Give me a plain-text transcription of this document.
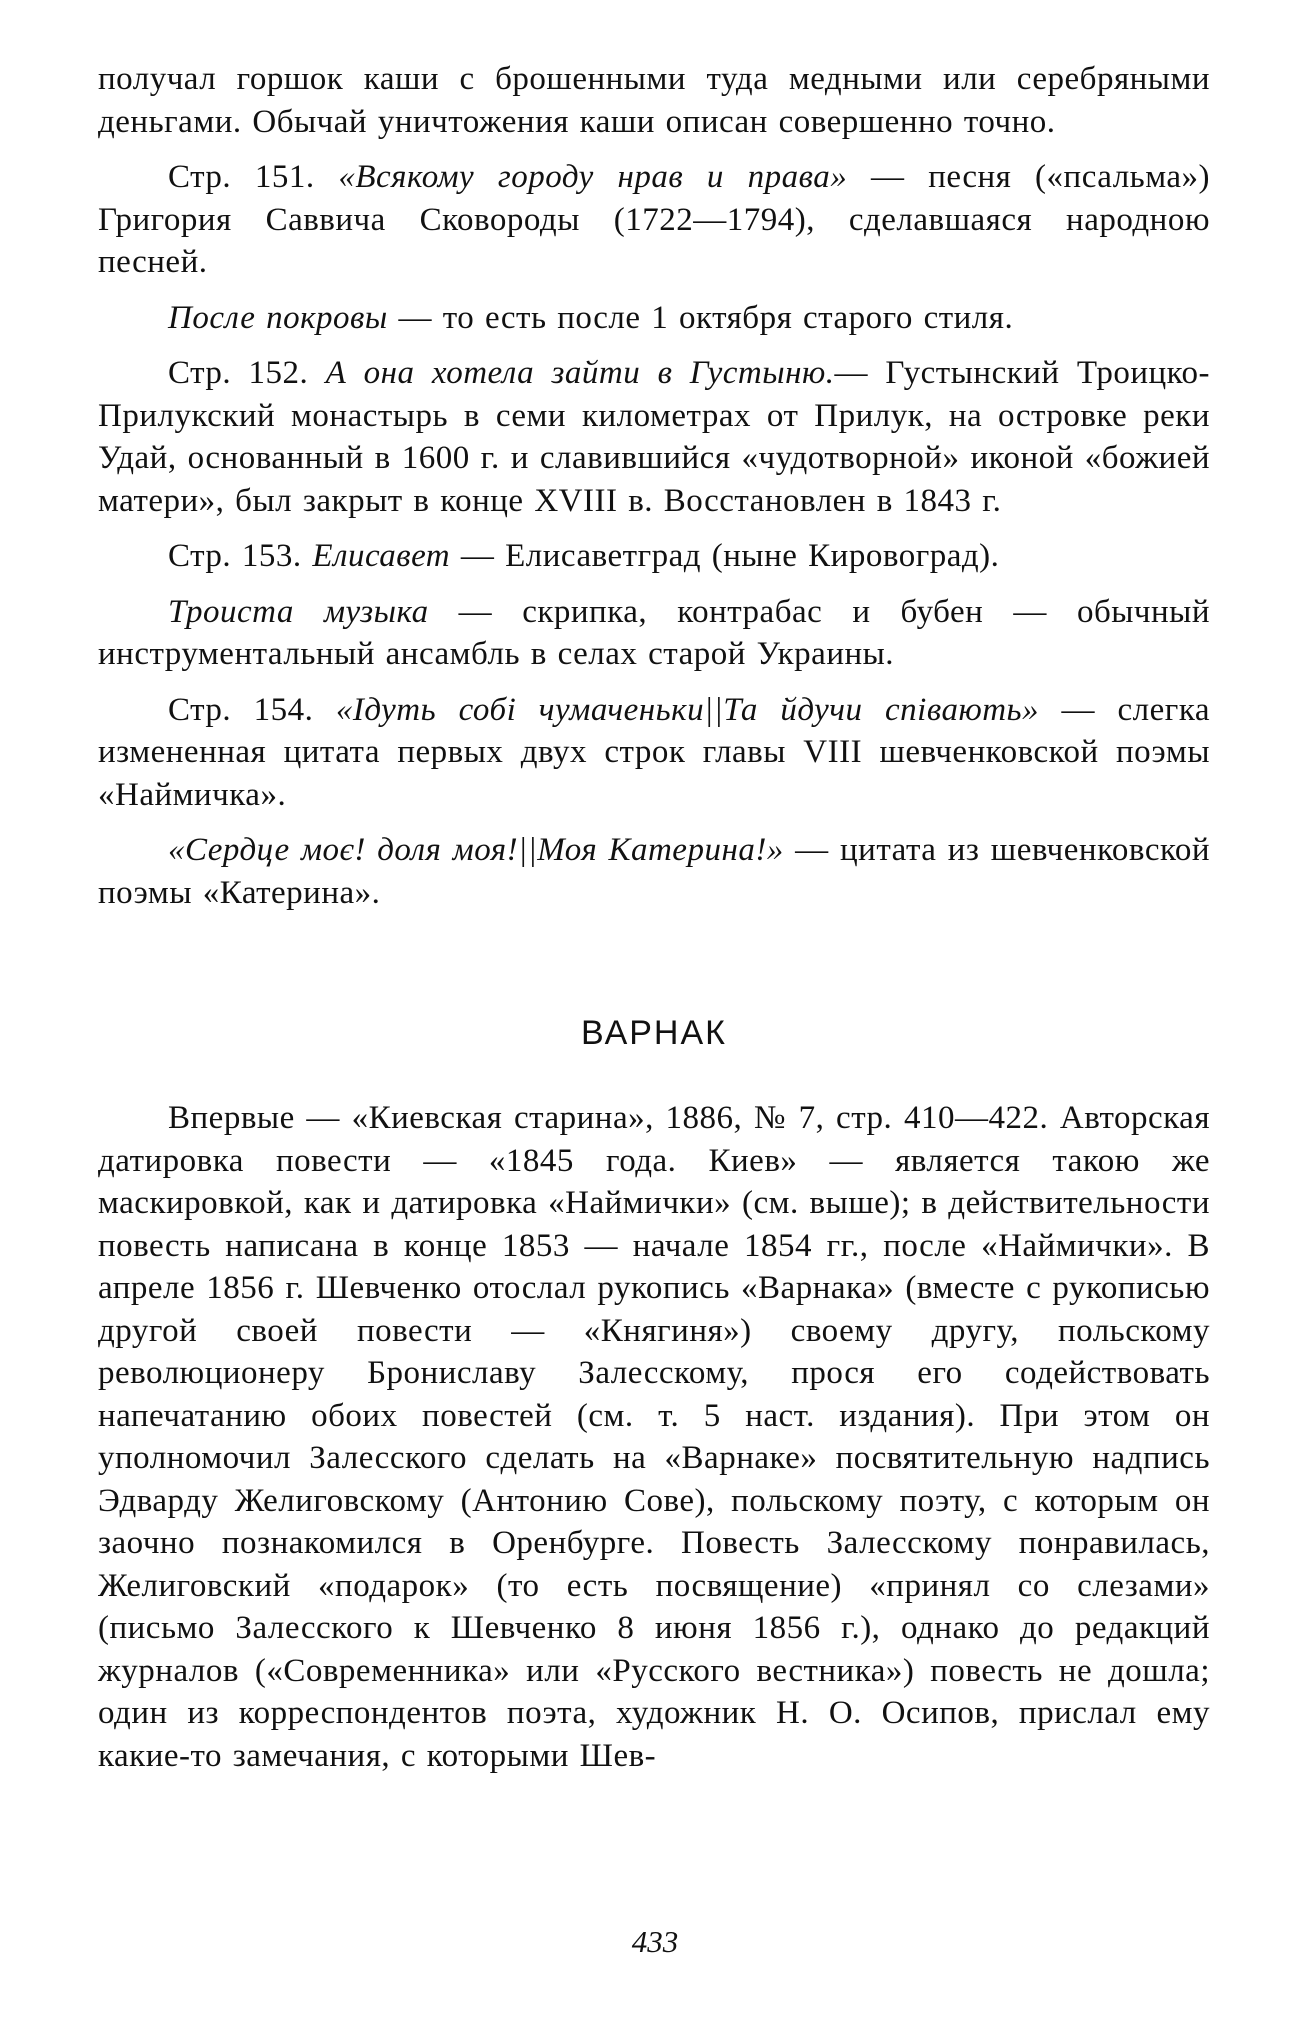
получал горшок каши с брошенными туда медными или серебряными деньгами. Обычай уничтожения каши описан совершенно точно.

Стр. 151. «Всякому городу нрав и права» — песня («псальма») Григория Саввича Сковороды (1722—1794), сделавшаяся народною песней.

После покровы — то есть после 1 октября старого стиля.

Стр. 152. А она хотела зайти в Густыню.— Густынский Троицко-Прилукский монастырь в семи километрах от Прилук, на островке реки Удай, основанный в 1600 г. и славившийся «чудотворной» иконой «божией матери», был закрыт в конце XVIII в. Восстановлен в 1843 г.

Стр. 153. Елисавет — Елисаветград (ныне Кировоград).

Троиста музыка — скрипка, контрабас и бубен — обычный инструментальный ансамбль в селах старой Украины.

Стр. 154. «Ідуть собі чумаченьки||Та йдучи співають» — слегка измененная цитата первых двух строк главы VIII шевченковской поэмы «Наймичка».

«Сердце моє! доля моя!||Моя Катерина!» — цитата из шевченковской поэмы «Катерина».

ВАРНАК

Впервые — «Киевская старина», 1886, № 7, стр. 410—422. Авторская датировка повести — «1845 года. Киев» — является такою же маскировкой, как и датировка «Наймички» (см. выше); в действительности повесть написана в конце 1853 — начале 1854 гг., после «Наймички». В апреле 1856 г. Шевченко отослал рукопись «Варнака» (вместе с рукописью другой своей повести — «Княгиня») своему другу, польскому революционеру Брониславу Залесскому, прося его содействовать напечатанию обоих повестей (см. т. 5 наст. издания). При этом он уполномочил Залесского сделать на «Варнаке» посвятительную надпись Эдварду Желиговскому (Антонию Сове), польскому поэту, с которым он заочно познакомился в Оренбурге. Повесть Залесскому понравилась, Желиговский «подарок» (то есть посвящение) «принял со слезами» (письмо Залесского к Шевченко 8 июня 1856 г.), однако до редакций журналов («Современника» или «Русского вестника») повесть не дошла; один из корреспондентов поэта, художник Н. О. Осипов, прислал ему какие-то замечания, с которыми Шев-

433
